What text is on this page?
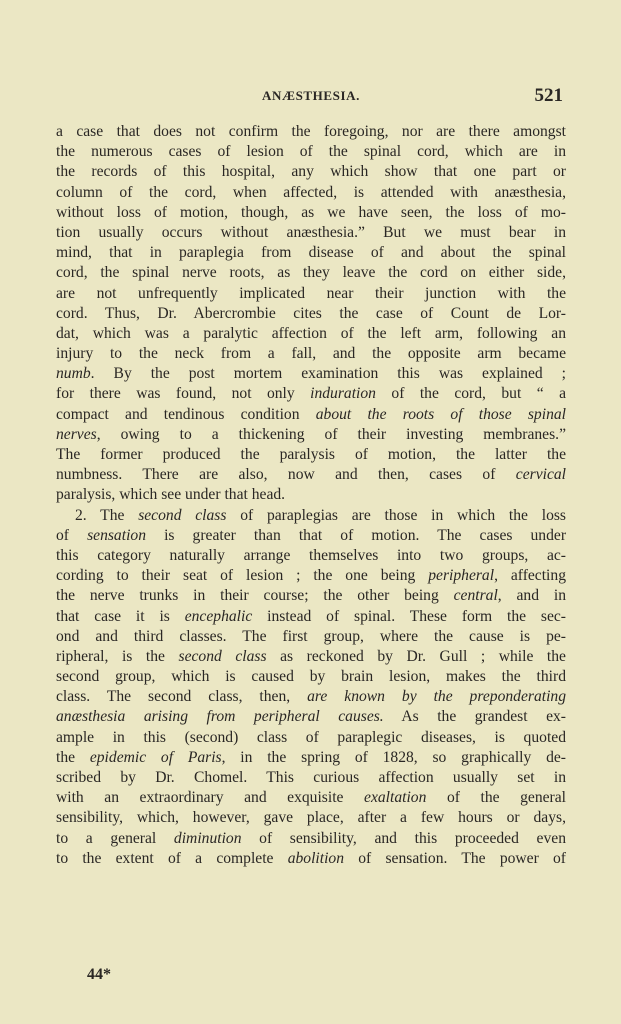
ANÆSTHESIA.	521
a case that does not confirm the foregoing, nor are there amongst
the numerous cases of lesion of the spinal cord, which are in
the records of this hospital, any which show that one part or
column of the cord, when affected, is attended with anæsthesia,
without loss of motion, though, as we have seen, the loss of mo-
tion usually occurs without anæsthesia.” But we must bear in
mind, that in paraplegia from disease of and about the spinal
cord, the spinal nerve roots, as they leave the cord on either side,
are not unfrequently implicated near their junction with the
cord. Thus, Dr. Abercrombie cites the case of Count de Lor-
dat, which was a paralytic affection of the left arm, following an
injury to the neck from a fall, and the opposite arm became
numb. By the post mortem examination this was explained ;
for there was found, not only induration of the cord, but “ a
compact and tendinous condition about the roots of those spinal
nerves, owing to a thickening of their investing membranes.”
The former produced the paralysis of motion, the latter the
numbness. There are also, now and then, cases of cervical
paralysis, which see under that head.
2. The second class of paraplegias are those in which the loss
of sensation is greater than that of motion. The cases under
this category naturally arrange themselves into two groups, ac-
cording to their seat of lesion ; the one being peripheral, affecting
the nerve trunks in their course; the other being central, and in
that case it is encephalic instead of spinal. These form the sec-
ond and third classes. The first group, where the cause is pe-
ripheral, is the second class as reckoned by Dr. Gull ; while the
second group, which is caused by brain lesion, makes the third
class. The second class, then, are known by the preponderating
anæsthesia arising from peripheral causes. As the grandest ex-
ample in this (second) class of paraplegic diseases, is quoted
the epidemic of Paris, in the spring of 1828, so graphically de-
scribed by Dr. Chomel. This curious affection usually set in
with an extraordinary and exquisite exaltation of the general
sensibility, which, however, gave place, after a few hours or days,
to a general diminution of sensibility, and this proceeded even
to the extent of a complete abolition of sensation. The power of
44*
